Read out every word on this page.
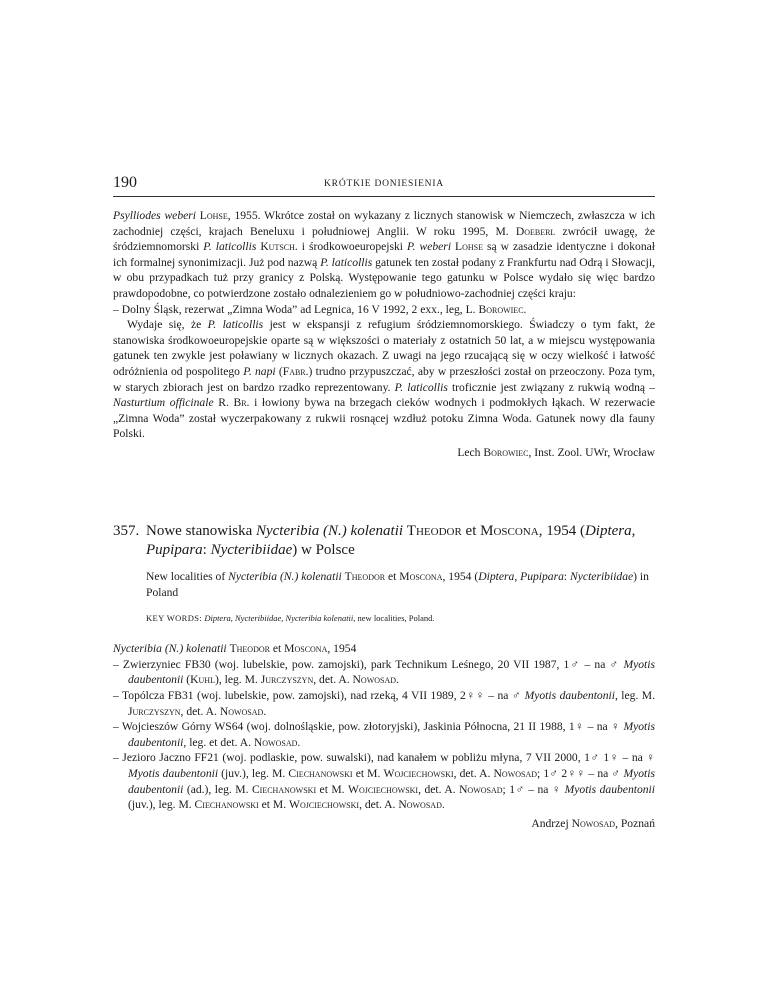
190	KRÓTKIE DONIESIENIA

Psylliodes weberi Lohse, 1955. Wkrótce został on wykazany z licznych stanowisk w Niemczech, zwłaszcza w ich zachodniej części, krajach Beneluxu i południowej Anglii. W roku 1995, M. Doeberl zwrócił uwagę, że śródziemnomorski P. laticollis Kutsch. i środkowoeuropejski P. weberi Lohse są w zasadzie identyczne i dokonał ich formalnej synonimizacji. Już pod nazwą P. laticollis gatunek ten został podany z Frankfurtu nad Odrą i Słowacji, w obu przypadkach tuż przy granicy z Polską. Występowanie tego gatunku w Polsce wydało się więc bardzo prawdopodobne, co potwierdzone zostało odnalezieniem go w południowo-zachodniej części kraju:

– Dolny Śląsk, rezerwat „Zimna Woda” ad Legnica, 16 V 1992, 2 exx., leg, L. Borowiec.

Wydaje się, że P. laticollis jest w ekspansji z refugium śródziemnomorskiego. Świadczy o tym fakt, że stanowiska środkowoeuropejskie oparte są w większości o materiały z ostatnich 50 lat, a w miejscu występowania gatunek ten zwykle jest poławiany w licznych okazach. Z uwagi na jego rzucającą się w oczy wielkość i łatwość odróżnienia od pospolitego P. napi (Fabr.) trudno przypuszczać, aby w przeszłości został on przeoczony. Poza tym, w starych zbiorach jest on bardzo rzadko reprezentowany. P. laticollis troficznie jest związany z rukwią wodną – Nasturtium officinale R. Br. i łowiony bywa na brzegach cieków wodnych i podmokłych łąkach. W rezerwacie „Zimna Woda” został wyczerpakowany z rukwii rosnącej wzdłuż potoku Zimna Woda. Gatunek nowy dla fauny Polski.

Lech Borowiec, Inst. Zool. UWr, Wrocław

357. Nowe stanowiska Nycteribia (N.) kolenatii Theodor et Moscona, 1954 (Diptera, Pupipara: Nycteribiidae) w Polsce
New localities of Nycteribia (N.) kolenatii Theodor et Moscona, 1954 (Diptera, Pupipara: Nycteribiidae) in Poland
KEY WORDS: Diptera, Nycteribiidae, Nycteribia kolenatii, new localities, Poland.

Nycteribia (N.) kolenatii Theodor et Moscona, 1954

– Zwierzyniec FB30 (woj. lubelskie, pow. zamojski), park Technikum Leśnego, 20 VII 1987, 1♂ – na ♂ Myotis daubentonii (Kuhl), leg. M. Jurczyszyn, det. A. Nowosad.

– Topólcza FB31 (woj. lubelskie, pow. zamojski), nad rzeką, 4 VII 1989, 2♀♀ – na ♂ Myotis daubentonii, leg. M. Jurczyszyn, det. A. Nowosad.

– Wojcieszów Górny WS64 (woj. dolnośląskie, pow. złotoryjski), Jaskinia Północna, 21 II 1988, 1♀ – na ♀ Myotis daubentonii, leg. et det. A. Nowosad.

– Jezioro Jaczno FF21 (woj. podlaskie, pow. suwalski), nad kanałem w pobliżu młyna, 7 VII 2000, 1♂ 1♀ – na ♀ Myotis daubentonii (juv.), leg. M. Ciechanowski et M. Wojciechowski, det. A. Nowosad; 1♂ 2♀♀ – na ♂ Myotis daubentonii (ad.), leg. M. Ciechanowski et M. Wojciechowski, det. A. Nowosad; 1♂ – na ♀ Myotis daubentonii (juv.), leg. M. Ciechanowski et M. Wojciechowski, det. A. Nowosad.

Andrzej Nowosad, Poznań
